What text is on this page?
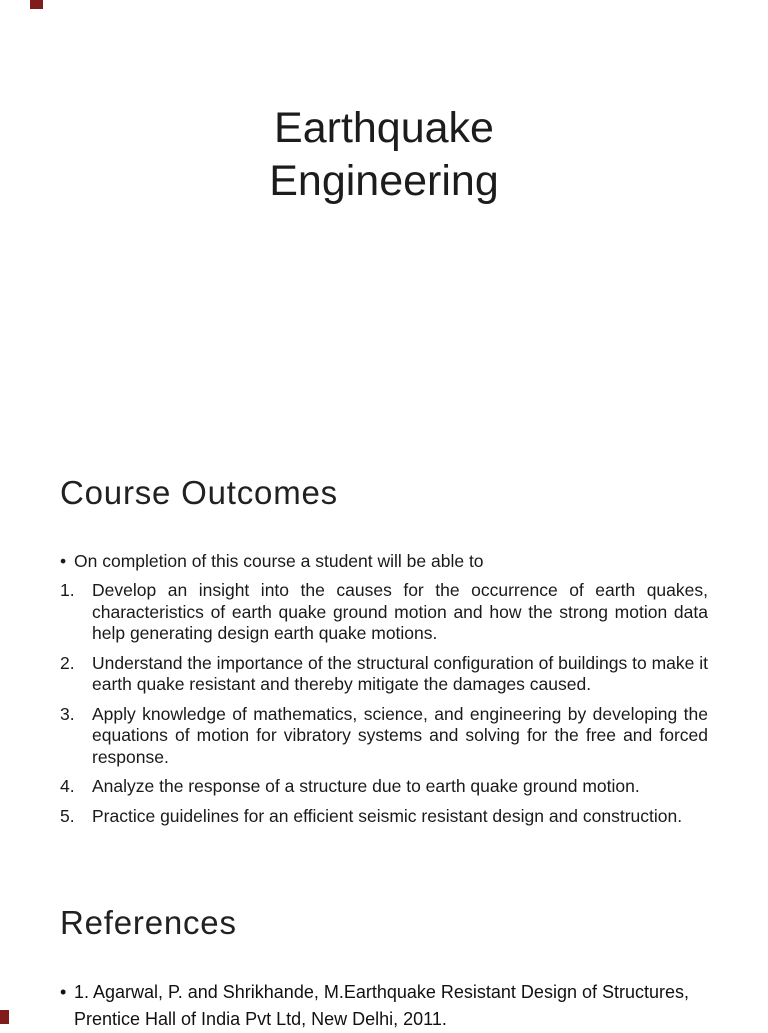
Earthquake
Engineering
Course Outcomes
• On completion of this course a student will be able to
1. Develop an insight into the causes for the occurrence of earth quakes, characteristics of earth quake ground motion and how the strong motion data help generating design earth quake motions.
2. Understand the importance of the structural configuration of buildings to make it earth quake resistant and thereby mitigate the damages caused.
3. Apply knowledge of mathematics, science, and engineering by developing the equations of motion for vibratory systems and solving for the free and forced response.
4. Analyze the response of a structure due to earth quake ground motion.
5. Practice guidelines for an efficient seismic resistant design and construction.
References
• 1. Agarwal, P. and Shrikhande, M.Earthquake Resistant Design of Structures, Prentice Hall of India Pvt Ltd, New Delhi, 2011.
